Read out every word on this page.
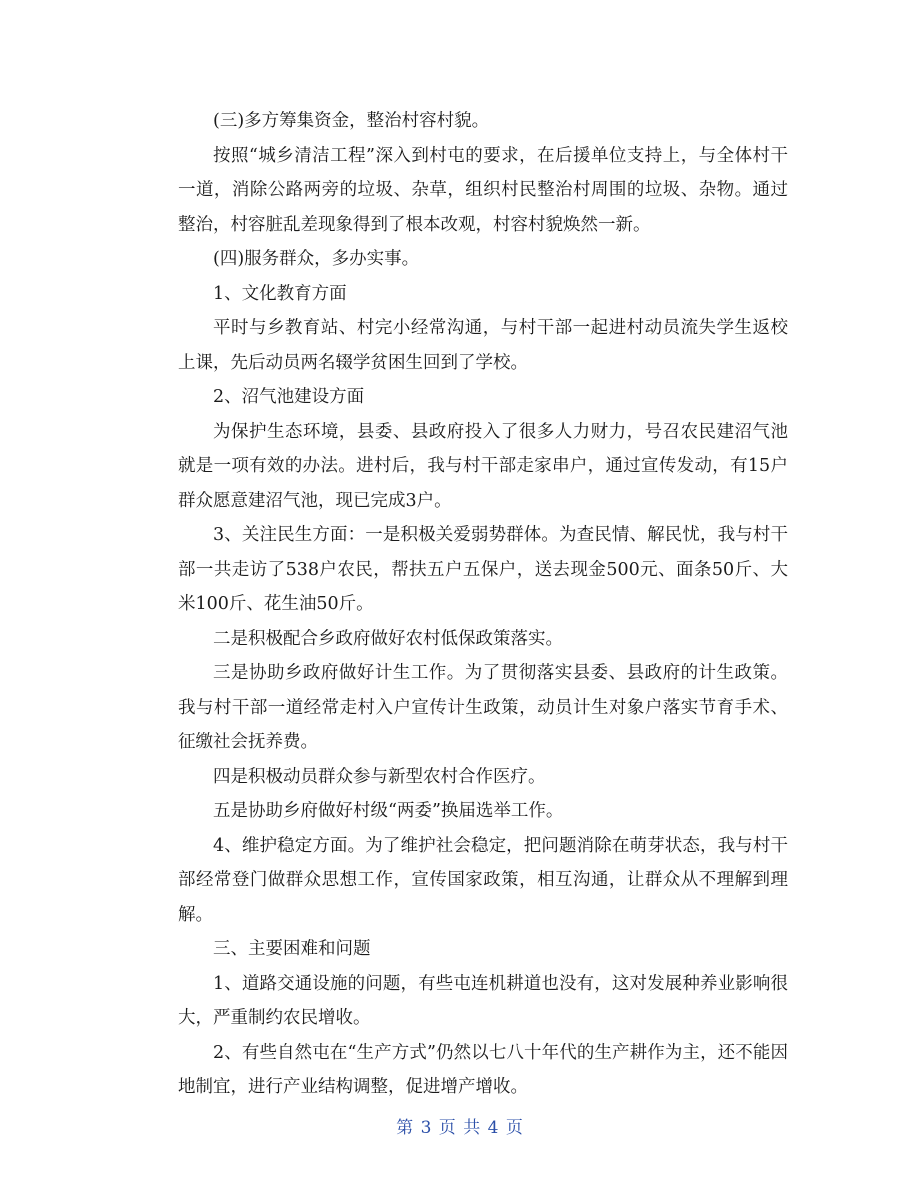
(三)多方筹集资金，整治村容村貌。

按照“城乡清洁工程”深入到村屯的要求，在后援单位支持上，与全体村干一道，消除公路两旁的垃圾、杂草，组织村民整治村周围的垃圾、杂物。通过整治，村容脏乱差现象得到了根本改观，村容村貌焕然一新。

(四)服务群众，多办实事。

1、文化教育方面

平时与乡教育站、村完小经常沟通，与村干部一起进村动员流失学生返校上课，先后动员两名辍学贫困生回到了学校。

2、沼气池建设方面

为保护生态环境，县委、县政府投入了很多人力财力，号召农民建沼气池就是一项有效的办法。进村后，我与村干部走家串户，通过宣传发动，有15户群众愿意建沼气池，现已完成3户。

3、关注民生方面：一是积极关爱弱势群体。为查民情、解民忧，我与村干部一共走访了538户农民，帮扶五户五保户，送去现金500元、面条50斤、大米100斤、花生油50斤。

二是积极配合乡政府做好农村低保政策落实。

三是协助乡政府做好计生工作。为了贯彻落实县委、县政府的计生政策。我与村干部一道经常走村入户宣传计生政策，动员计生对象户落实节育手术、征缴社会抚养费。

四是积极动员群众参与新型农村合作医疗。

五是协助乡府做好村级“两委”换届选举工作。

4、维护稳定方面。为了维护社会稳定，把问题消除在萌芽状态，我与村干部经常登门做群众思想工作，宣传国家政策，相互沟通，让群众从不理解到理解。

三、主要困难和问题

1、道路交通设施的问题，有些屯连机耕道也没有，这对发展种养业影响很大，严重制约农民增收。

2、有些自然屯在“生产方式”仍然以七八十年代的生产耕作为主，还不能因地制宜，进行产业结构调整，促进增产增收。

第 3 页 共 4 页
